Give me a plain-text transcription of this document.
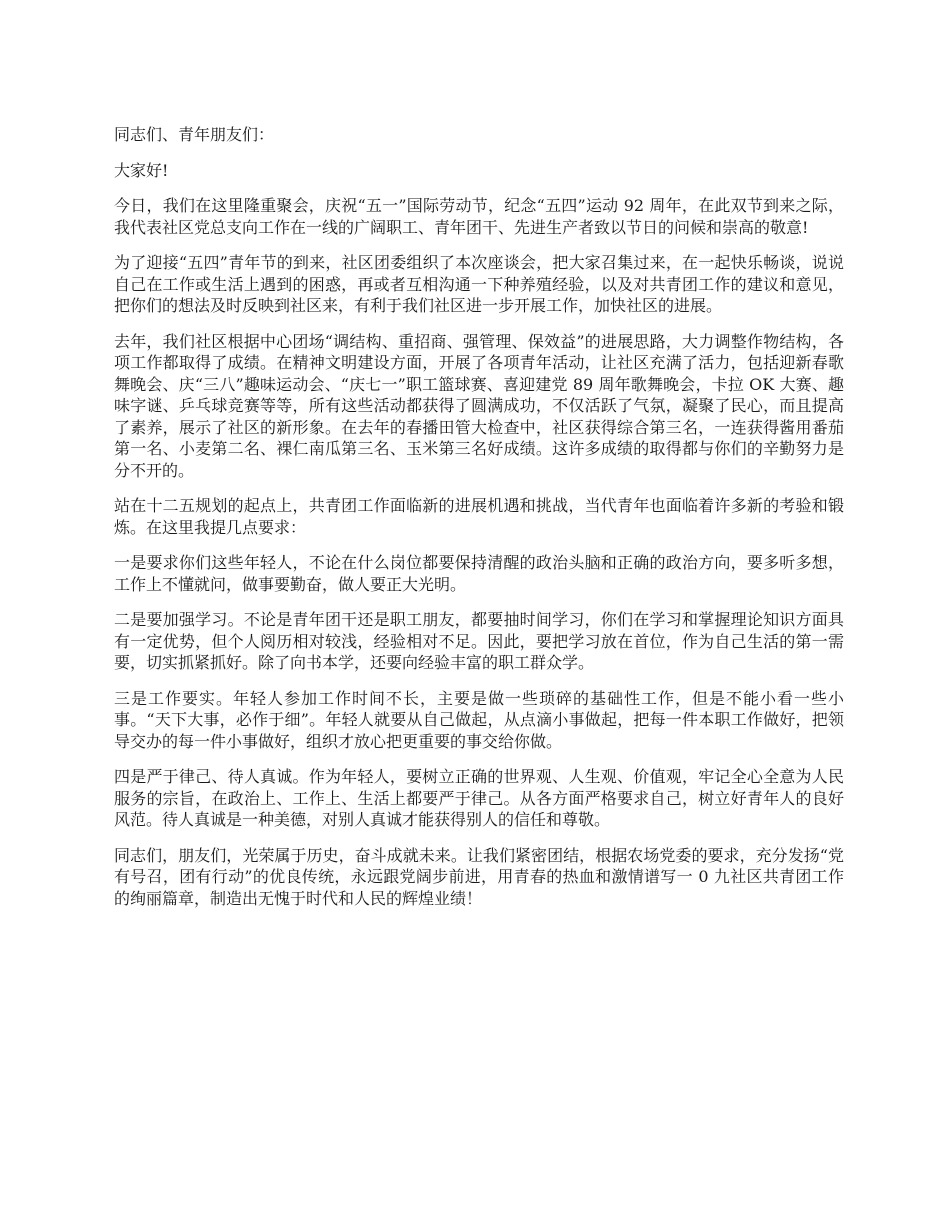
同志们、青年朋友们：

大家好!

今日，我们在这里隆重聚会，庆祝“五一”国际劳动节，纪念“五四”运动 92 周年，在此双节到来之际，我代表社区党总支向工作在一线的广阔职工、青年团干、先进生产者致以节日的问候和崇高的敬意!

为了迎接“五四”青年节的到来，社区团委组织了本次座谈会，把大家召集过来，在一起快乐畅谈，说说自己在工作或生活上遇到的困惑，再或者互相沟通一下种养殖经验，以及对共青团工作的建议和意见，把你们的想法及时反映到社区来，有利于我们社区进一步开展工作，加快社区的进展。

去年，我们社区根据中心团场“调结构、重招商、强管理、保效益”的进展思路，大力调整作物结构，各项工作都取得了成绩。在精神文明建设方面，开展了各项青年活动，让社区充满了活力，包括迎新春歌舞晚会、庆“三八”趣味运动会、“庆七一”职工篮球赛、喜迎建党 89 周年歌舞晚会，卡拉 OK 大赛、趣味字谜、乒乓球竞赛等等，所有这些活动都获得了圆满成功，不仅活跃了气氛，凝聚了民心，而且提高了素养，展示了社区的新形象。在去年的春播田管大检查中，社区获得综合第三名，一连获得酱用番茄第一名、小麦第二名、裸仁南瓜第三名、玉米第三名好成绩。这许多成绩的取得都与你们的辛勤努力是分不开的。

站在十二五规划的起点上，共青团工作面临新的进展机遇和挑战，当代青年也面临着许多新的考验和锻炼。在这里我提几点要求：

一是要求你们这些年轻人，不论在什么岗位都要保持清醒的政治头脑和正确的政治方向，要多听多想，工作上不懂就问，做事要勤奋，做人要正大光明。

二是要加强学习。不论是青年团干还是职工朋友，都要抽时间学习，你们在学习和掌握理论知识方面具有一定优势，但个人阅历相对较浅，经验相对不足。因此，要把学习放在首位，作为自己生活的第一需要，切实抓紧抓好。除了向书本学，还要向经验丰富的职工群众学。

三是工作要实。年轻人参加工作时间不长，主要是做一些琐碎的基础性工作，但是不能小看一些小事。“天下大事，必作于细”。年轻人就要从自己做起，从点滴小事做起，把每一件本职工作做好，把领导交办的每一件小事做好，组织才放心把更重要的事交给你做。

四是严于律己、待人真诚。作为年轻人，要树立正确的世界观、人生观、价值观，牢记全心全意为人民服务的宗旨，在政治上、工作上、生活上都要严于律己。从各方面严格要求自己，树立好青年人的良好风范。待人真诚是一种美德，对别人真诚才能获得别人的信任和尊敬。

同志们，朋友们，光荣属于历史，奋斗成就未来。让我们紧密团结，根据农场党委的要求，充分发扬“党有号召，团有行动”的优良传统，永远跟党阔步前进，用青春的热血和激情谱写一 0 九社区共青团工作的绚丽篇章，制造出无愧于时代和人民的辉煌业绩！
